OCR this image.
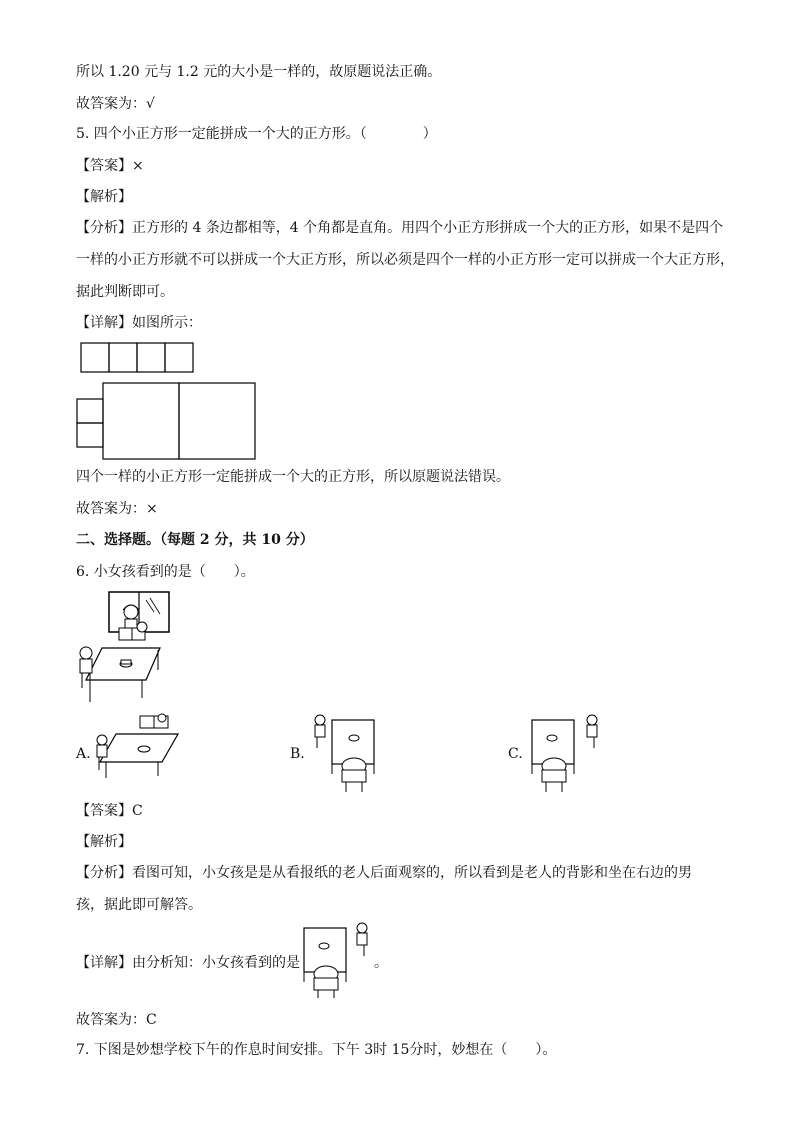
所以 1.20 元与 1.2 元的大小是一样的，故原题说法正确。
故答案为：√
5. 四个小正方形一定能拼成一个大的正方形。（　　　　）
【答案】×
【解析】
【分析】正方形的 4 条边都相等，4 个角都是直角。用四个小正方形拼成一个大的正方形，如果不是四个
一样的小正方形就不可以拼成一个大正方形，所以必须是四个一样的小正方形一定可以拼成一个大正方形，
据此判断即可。
【详解】如图所示：
四个一样的小正方形一定能拼成一个大的正方形，所以原题说法错误。
故答案为：×
二、选择题。（每题 2 分，共 10 分）
6. 小女孩看到的是（　　）。
A.	B.	C.
【答案】C
【解析】
【分析】看图可知，小女孩是是从看报纸的老人后面观察的，所以看到是老人的背影和坐在右边的男
孩，据此即可解答。
【详解】由分析知：小女孩看到的是	。
故答案为：C
7. 下图是妙想学校下午的作息时间安排。下午 3时 15分时，妙想在（　　）。
